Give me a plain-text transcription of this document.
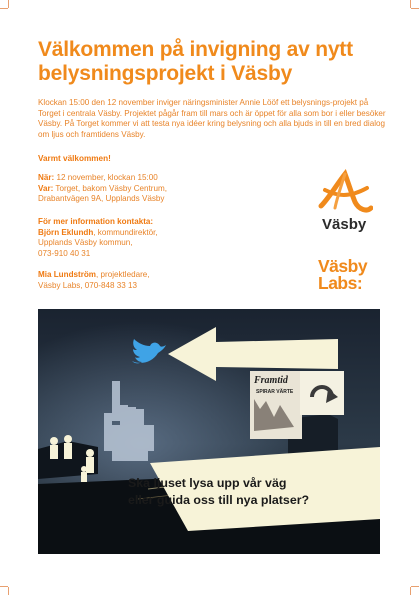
Välkommen på invigning av nytt belysningsprojekt i Väsby

Klockan 15:00 den 12 november inviger näringsminister Annie Lööf ett belysnings-projekt på Torget i centrala Väsby. Projektet pågår fram till mars och är öppet för alla som bor i eller besöker Väsby. På Torget kommer vi att testa nya idéer kring belysning och alla bjuds in till en bred dialog om ljus och framtidens Väsby.

Varmt välkommen!

När: 12 november, klockan 15:00

Var: Torget, bakom Väsby Centrum,
Drabantvägen 9A, Upplands Väsby

För mer information kontakta:
Björn Eklundh, kommundirektör,
Upplands Väsby kommun,
073-910 40 31

Mia Lundström, projektledare,
Väsby Labs, 070-848 33 13

Väsby
Väsby
Labs:
Framtid
SPIRAR VÄRTE

Ska ljuset lysa upp vår väg
eller guida oss till nya platser?
